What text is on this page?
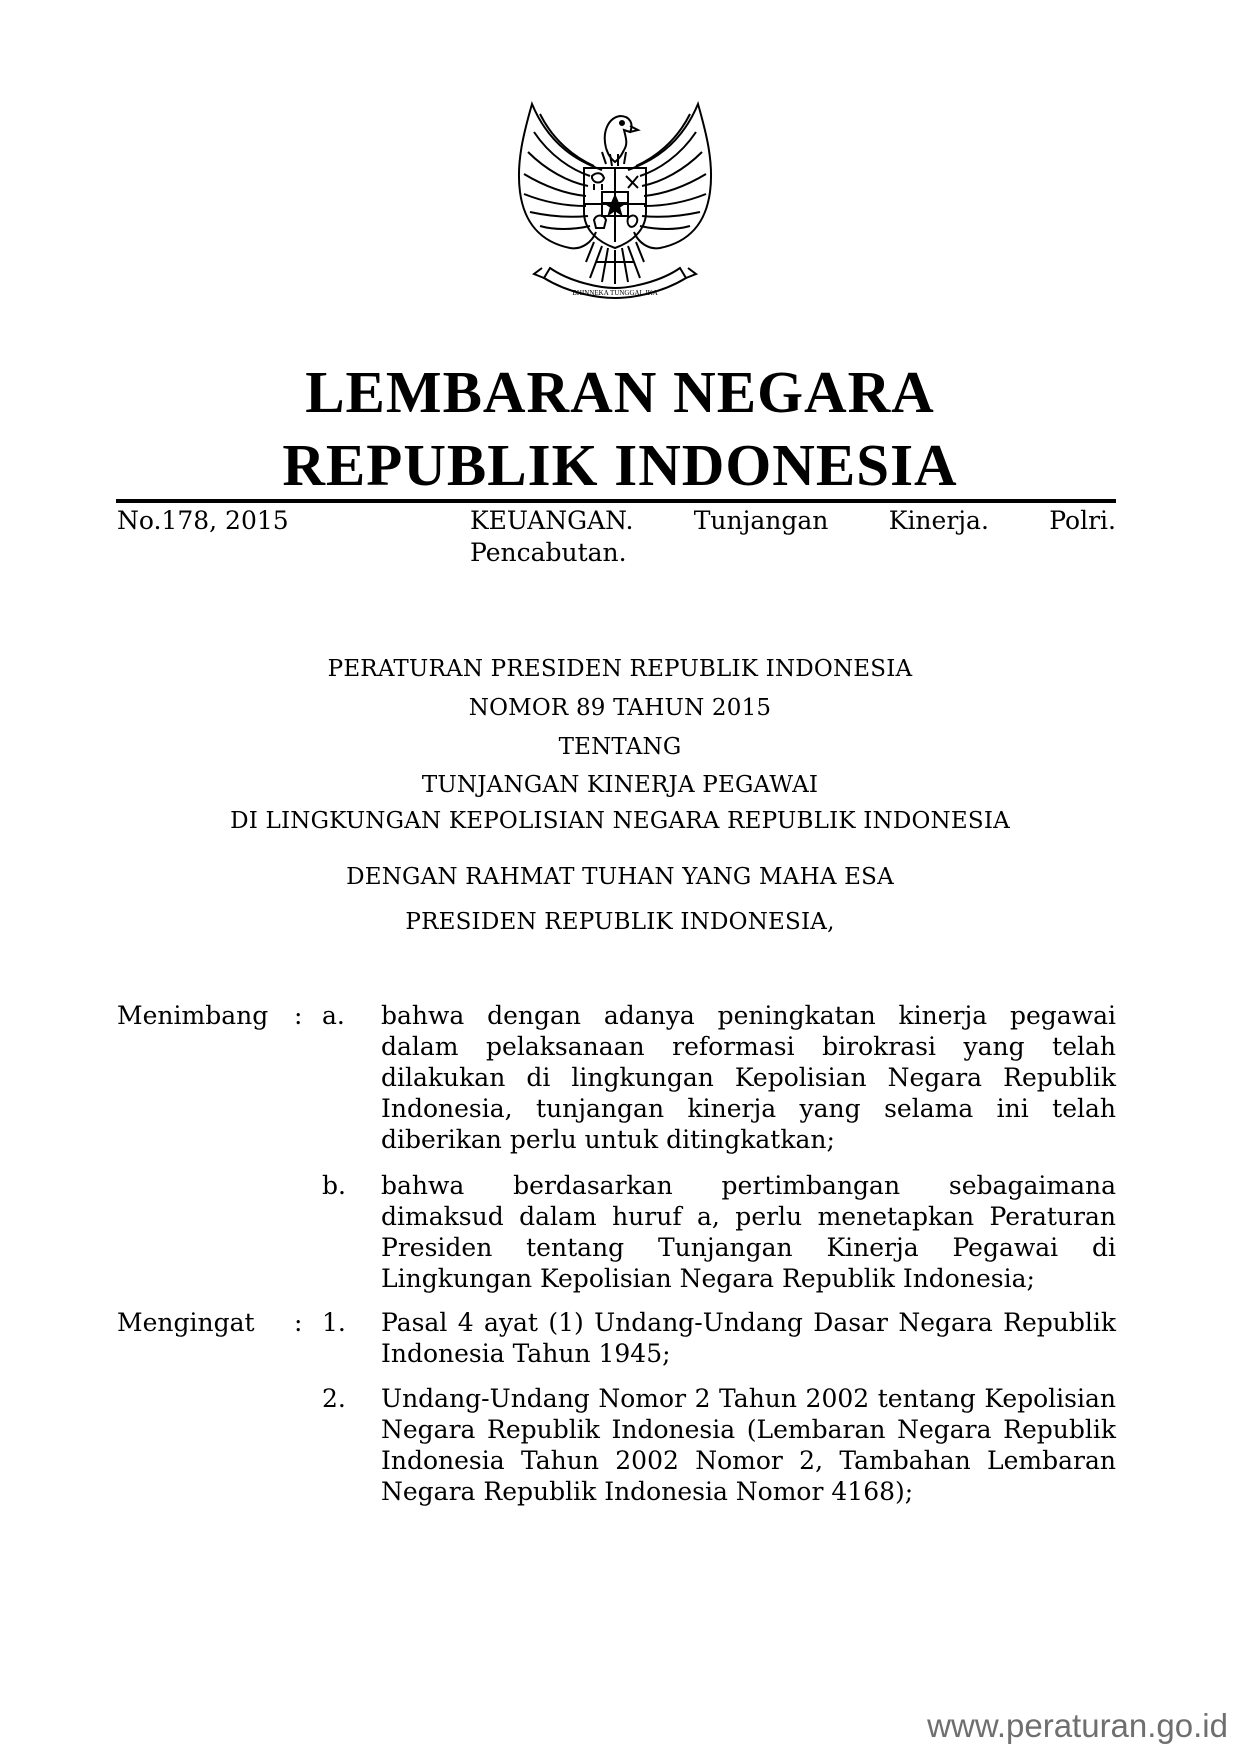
BHINNEKA TUNGGAL IKA
LEMBARAN NEGARA
REPUBLIK INDONESIA
No.178, 2015	KEUANGAN. Tunjangan Kinerja. Polri. Pencabutan.
PERATURAN PRESIDEN REPUBLIK INDONESIA
NOMOR 89 TAHUN 2015
TENTANG
TUNJANGAN KINERJA PEGAWAI
DI LINGKUNGAN KEPOLISIAN NEGARA REPUBLIK INDONESIA
DENGAN RAHMAT TUHAN YANG MAHA ESA
PRESIDEN REPUBLIK INDONESIA,
Menimbang : a. bahwa dengan adanya peningkatan kinerja pegawai dalam pelaksanaan reformasi birokrasi yang telah dilakukan di lingkungan Kepolisian Negara Republik Indonesia, tunjangan kinerja yang selama ini telah diberikan perlu untuk ditingkatkan;
b. bahwa berdasarkan pertimbangan sebagaimana dimaksud dalam huruf a, perlu menetapkan Peraturan Presiden tentang Tunjangan Kinerja Pegawai di Lingkungan Kepolisian Negara Republik Indonesia;
Mengingat : 1. Pasal 4 ayat (1) Undang-Undang Dasar Negara Republik Indonesia Tahun 1945;
2. Undang-Undang Nomor 2 Tahun 2002 tentang Kepolisian Negara Republik Indonesia (Lembaran Negara Republik Indonesia Tahun 2002 Nomor 2, Tambahan Lembaran Negara Republik Indonesia Nomor 4168);
www.peraturan.go.id
